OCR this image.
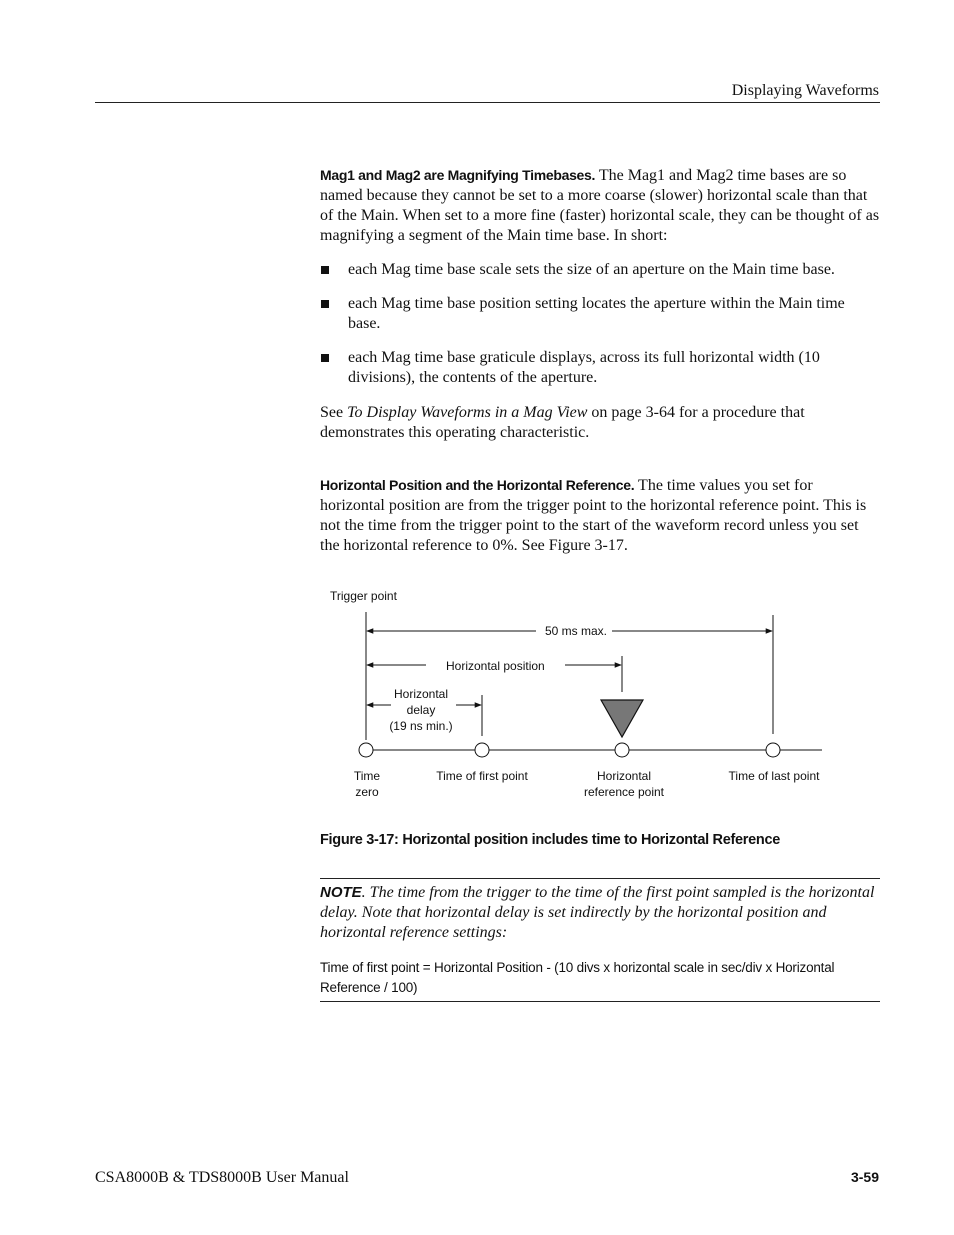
Displaying Waveforms

Mag1 and Mag2 are Magnifying Timebases. The Mag1 and Mag2 time bases are so named because they cannot be set to a more coarse (slower) horizontal scale than that of the Main. When set to a more fine (faster) horizontal scale, they can be thought of as magnifying a segment of the Main time base. In short:

each Mag time base scale sets the size of an aperture on the Main time base.
each Mag time base position setting locates the aperture within the Main time base.
each Mag time base graticule displays, across its full horizontal width (10 divisions), the contents of the aperture.

See To Display Waveforms in a Mag View on page 3-64 for a procedure that demonstrates this operating characteristic.

Horizontal Position and the Horizontal Reference. The time values you set for horizontal position are from the trigger point to the horizontal reference point. This is not the time from the trigger point to the start of the waveform record unless you set the horizontal reference to 0%. See Figure 3-17.

Trigger point
50 ms max.
Horizontal position
Horizontal
delay
(19 ns min.)
Time
zero
Time of first point	Horizontal
reference point
Time of last point
Figure 3-17: Horizontal position includes time to Horizontal Reference

NOTE. The time from the trigger to the time of the first point sampled is the horizontal delay. Note that horizontal delay is set indirectly by the horizontal position and horizontal reference settings:

Time of first point = Horizontal Position - (10 divs x horizontal scale in sec/div x Horizontal Reference / 100)
CSA8000B & TDS8000B User Manual	3-59
